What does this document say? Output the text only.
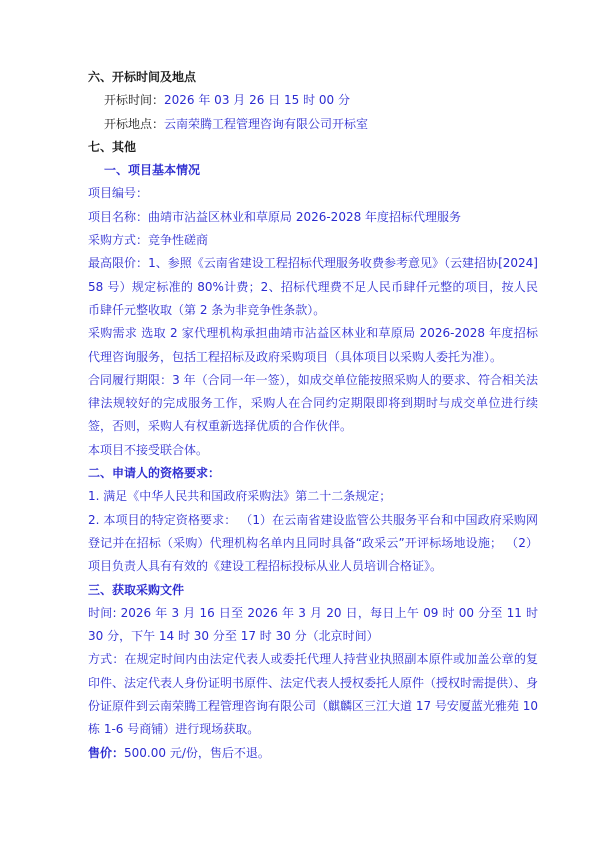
六、开标时间及地点

开标时间：2026 年 03 月 26 日 15 时 00 分

开标地点：云南荣腾工程管理咨询有限公司开标室

七、其他

一、项目基本情况

项目编号：

项目名称：曲靖市沾益区林业和草原局 2026-2028 年度招标代理服务

采购方式：竞争性磋商

最高限价：1、参照《云南省建设工程招标代理服务收费参考意见》（云建招协[2024]58 号）规定标准的 80%计费；2、招标代理费不足人民币肆仟元整的项目，按人民币肆仟元整收取（第 2 条为非竞争性条款）。

采购需求 选取 2 家代理机构承担曲靖市沾益区林业和草原局 2026-2028 年度招标代理咨询服务，包括工程招标及政府采购项目（具体项目以采购人委托为准）。

合同履行期限：3 年（合同一年一签），如成交单位能按照采购人的要求、符合相关法律法规较好的完成服务工作，采购人在合同约定期限即将到期时与成交单位进行续签，否则，采购人有权重新选择优质的合作伙伴。

本项目不接受联合体。

二、申请人的资格要求：

1. 满足《中华人民共和国政府采购法》第二十二条规定；

2. 本项目的特定资格要求： （1）在云南省建设监管公共服务平台和中国政府采购网登记并在招标（采购）代理机构名单内且同时具备“政采云”开评标场地设施； （2）项目负责人具有有效的《建设工程招标投标从业人员培训合格证》。

三、获取采购文件

时间: 2026 年 3 月 16 日至 2026 年 3 月 20 日，每日上午 09 时 00 分至 11 时 30 分，下午 14 时 30 分至 17 时 30 分（北京时间）

方式：在规定时间内由法定代表人或委托代理人持营业执照副本原件或加盖公章的复印件、法定代表人身份证明书原件、法定代表人授权委托人原件（授权时需提供）、身份证原件到云南荣腾工程管理咨询有限公司（麒麟区三江大道 17 号安厦蓝光雅苑 10 栋 1-6 号商铺）进行现场获取。

售价：500.00 元/份，售后不退。
